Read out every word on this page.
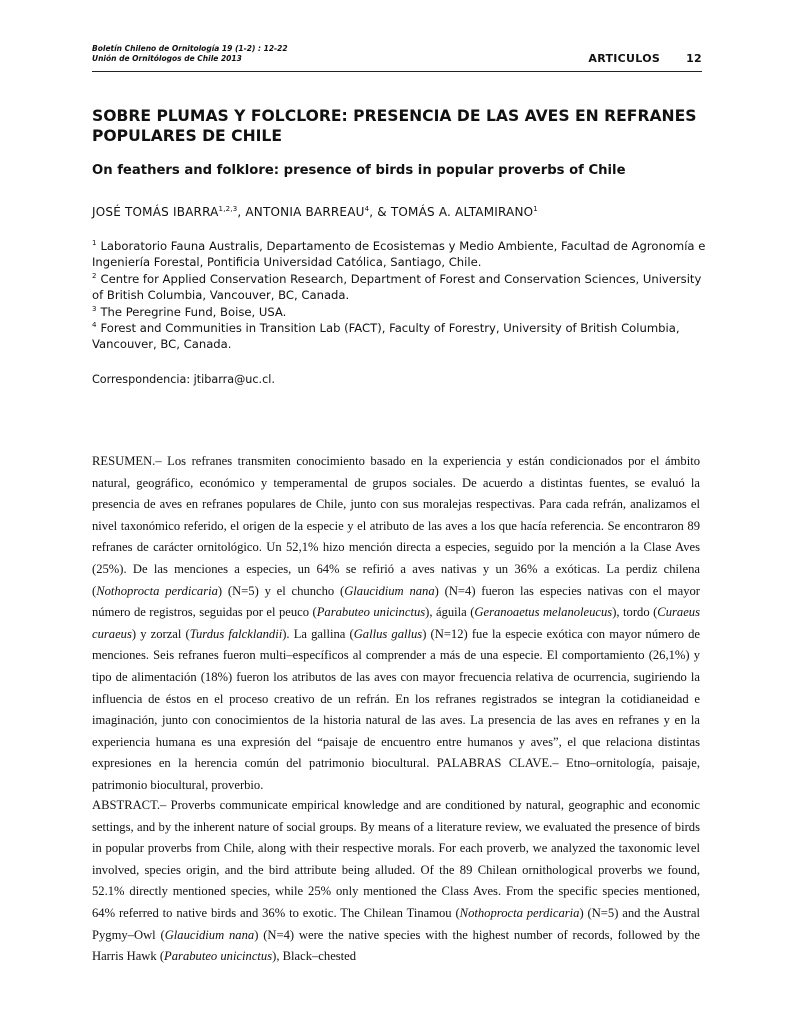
Boletín Chileno de Ornitología 19 (1-2) : 12-22
Unión de Ornitólogos de Chile 2013	ARTICULOS 12
SOBRE PLUMAS Y FOLCLORE: PRESENCIA DE LAS AVES EN REFRANES POPULARES DE CHILE
On feathers and folklore: presence of birds in popular proverbs of Chile
JOSÉ TOMÁS IBARRA$^{1,2,3}$, ANTONIA BARREAU$^4$, & TOMÁS A. ALTAMIRANO$^1$
$^1$ Laboratorio Fauna Australis, Departamento de Ecosistemas y Medio Ambiente, Facultad de Agronomía e Ingeniería Forestal, Pontificia Universidad Católica, Santiago, Chile.
$^2$ Centre for Applied Conservation Research, Department of Forest and Conservation Sciences, University of British Columbia, Vancouver, BC, Canada.
$^3$ The Peregrine Fund, Boise, USA.
$^4$ Forest and Communities in Transition Lab (FACT), Faculty of Forestry, University of British Columbia, Vancouver, BC, Canada.
Correspondencia: jtibarra@uc.cl.
RESUMEN.– Los refranes transmiten conocimiento basado en la experiencia y están condicionados por el ámbito natural, geográfico, económico y temperamental de grupos sociales. De acuerdo a distintas fuentes, se evaluó la presencia de aves en refranes populares de Chile, junto con sus moralejas respectivas. Para cada refrán, analizamos el nivel taxonómico referido, el origen de la especie y el atributo de las aves a los que hacía referencia. Se encontraron 89 refranes de carácter ornitológico. Un 52,1% hizo mención directa a especies, seguido por la mención a la Clase Aves (25%). De las menciones a especies, un 64% se refirió a aves nativas y un 36% a exóticas. La perdiz chilena (Nothoprocta perdicaria) (N=5) y el chuncho (Glaucidium nana) (N=4) fueron las especies nativas con el mayor número de registros, seguidas por el peuco (Parabuteo unicinctus), águila (Geranoaetus melanoleucus), tordo (Curaeus curaeus) y zorzal (Turdus falcklandii). La gallina (Gallus gallus) (N=12) fue la especie exótica con mayor número de menciones. Seis refranes fueron multi–específicos al comprender a más de una especie. El comportamiento (26,1%) y tipo de alimentación (18%) fueron los atributos de las aves con mayor frecuencia relativa de ocurrencia, sugiriendo la influencia de éstos en el proceso creativo de un refrán. En los refranes registrados se integran la cotidianeidad e imaginación, junto con conocimientos de la historia natural de las aves. La presencia de las aves en refranes y en la experiencia humana es una expresión del “paisaje de encuentro entre humanos y aves”, el que relaciona distintas expresiones en la herencia común del patrimonio biocultural. PALABRAS CLAVE.– Etno–ornitología, paisaje, patrimonio biocultural, proverbio.
ABSTRACT.– Proverbs communicate empirical knowledge and are conditioned by natural, geographic and economic settings, and by the inherent nature of social groups. By means of a literature review, we evaluated the presence of birds in popular proverbs from Chile, along with their respective morals. For each proverb, we analyzed the taxonomic level involved, species origin, and the bird attribute being alluded. Of the 89 Chilean ornithological proverbs we found, 52.1% directly mentioned species, while 25% only mentioned the Class Aves. From the specific species mentioned, 64% referred to native birds and 36% to exotic. The Chilean Tinamou (Nothoprocta perdicaria) (N=5) and the Austral Pygmy–Owl (Glaucidium nana) (N=4) were the native species with the highest number of records, followed by the Harris Hawk (Parabuteo unicinctus), Black–chested
